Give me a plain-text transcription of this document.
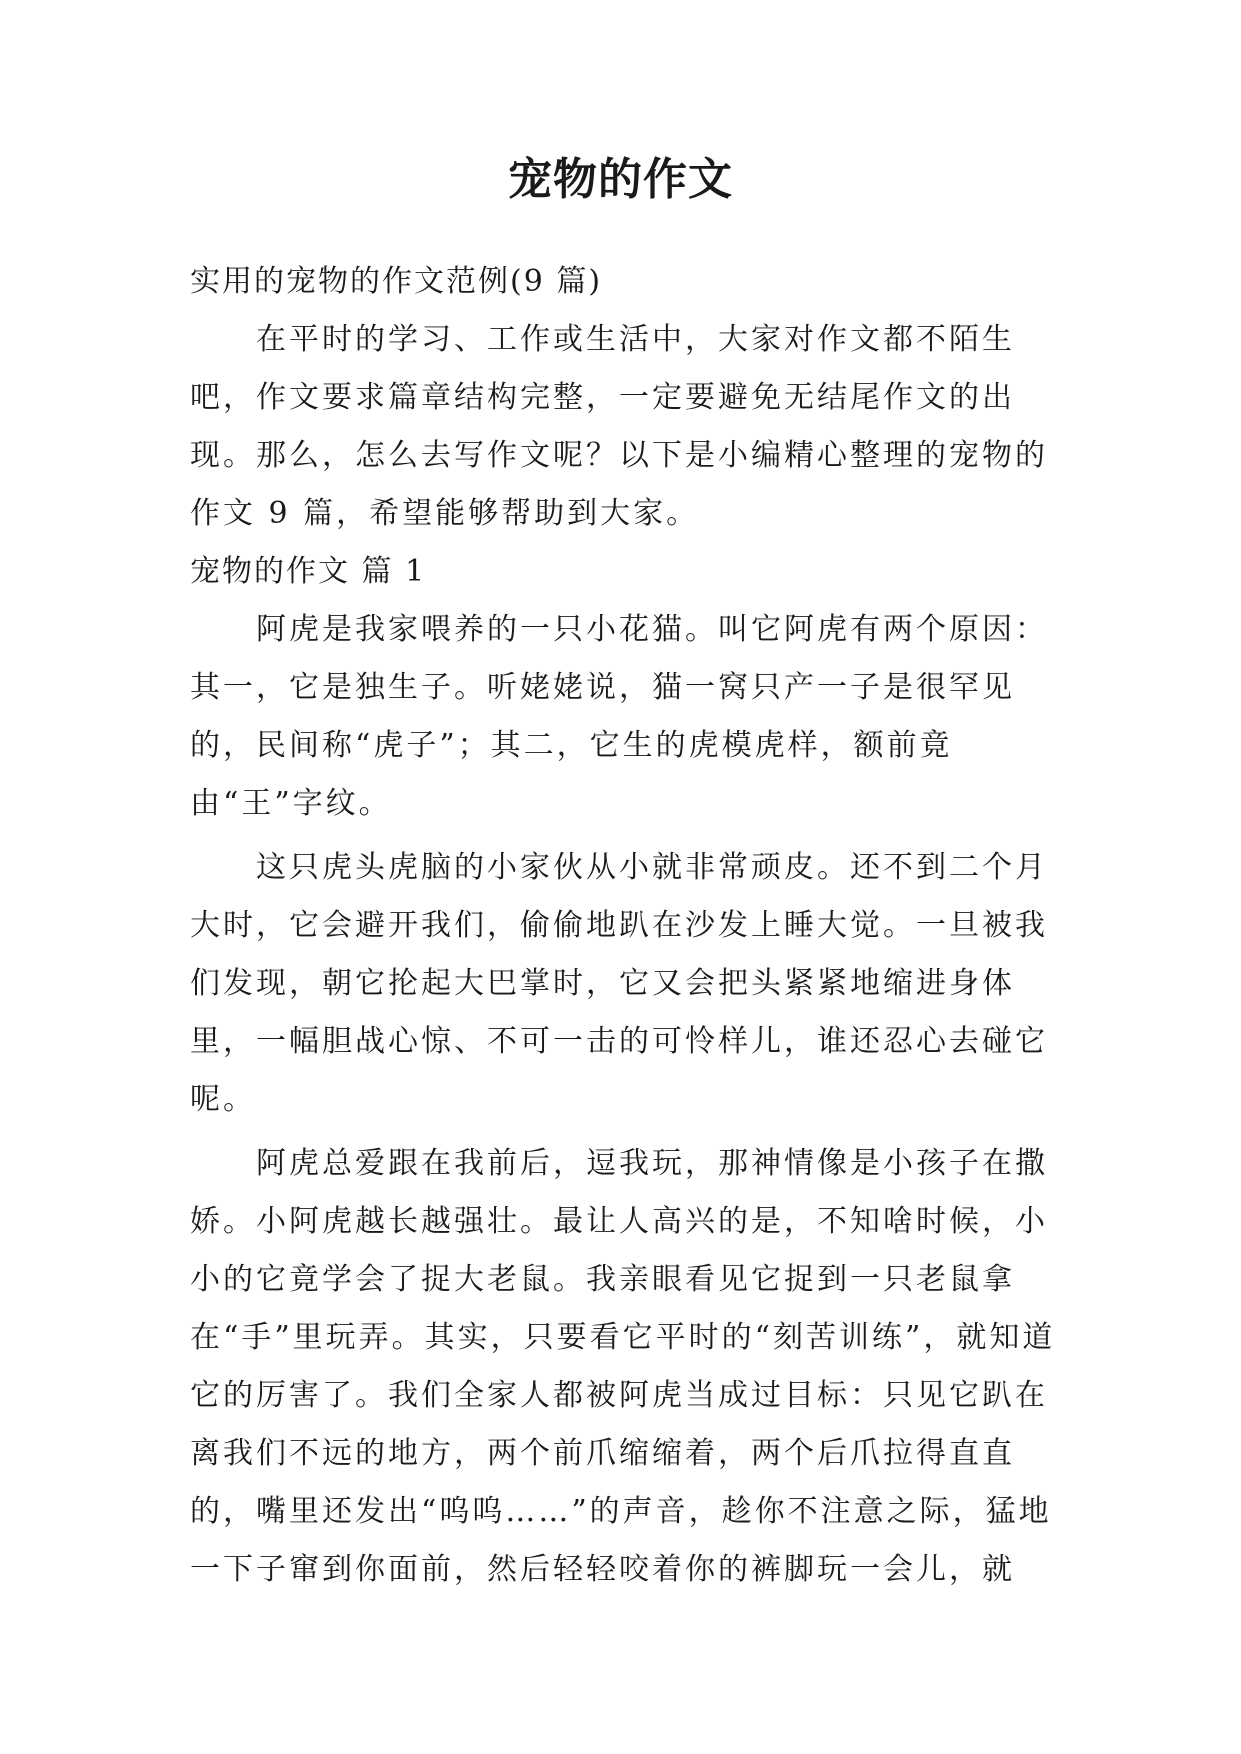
宠物的作文

实用的宠物的作文范例(9 篇)

在平时的学习、工作或生活中，大家对作文都不陌生吧，作文要求篇章结构完整，一定要避免无结尾作文的出现。那么，怎么去写作文呢？以下是小编精心整理的宠物的作文 9 篇，希望能够帮助到大家。

宠物的作文 篇 1

阿虎是我家喂养的一只小花猫。叫它阿虎有两个原因：其一，它是独生子。听姥姥说，猫一窝只产一子是很罕见的，民间称“虎子”；其二，它生的虎模虎样，额前竟由“王”字纹。

这只虎头虎脑的小家伙从小就非常顽皮。还不到二个月大时，它会避开我们，偷偷地趴在沙发上睡大觉。一旦被我们发现，朝它抡起大巴掌时，它又会把头紧紧地缩进身体里，一幅胆战心惊、不可一击的可怜样儿，谁还忍心去碰它呢。

阿虎总爱跟在我前后，逗我玩，那神情像是小孩子在撒娇。小阿虎越长越强壮。最让人高兴的是，不知啥时候，小小的它竟学会了捉大老鼠。我亲眼看见它捉到一只老鼠拿在“手”里玩弄。其实，只要看它平时的“刻苦训练”，就知道它的厉害了。我们全家人都被阿虎当成过目标：只见它趴在离我们不远的地方，两个前爪缩缩着，两个后爪拉得直直的，嘴里还发出“呜呜……”的声音，趁你不注意之际，猛地一下子窜到你面前，然后轻轻咬着你的裤脚玩一会儿，就
